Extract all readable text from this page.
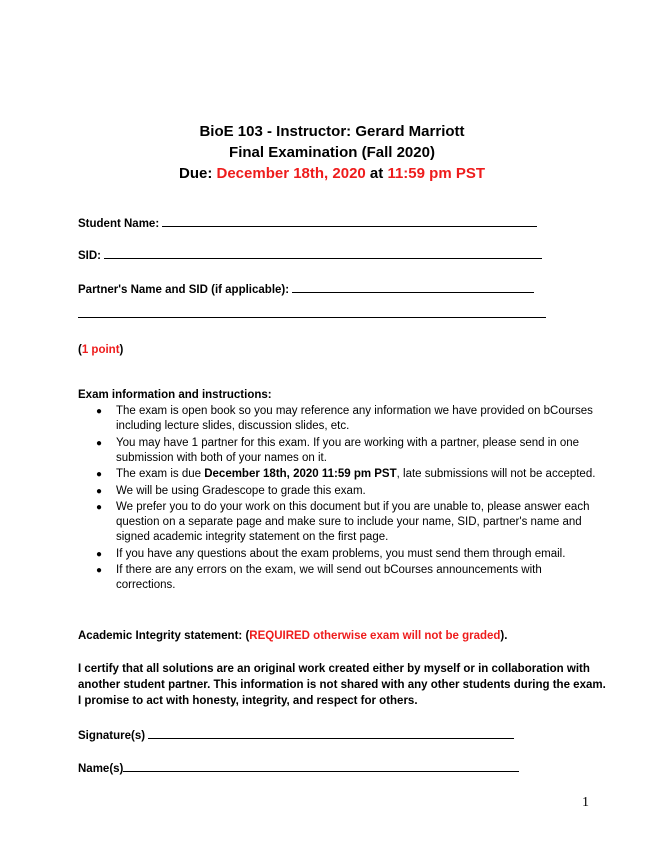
BioE 103 - Instructor: Gerard Marriott
Final Examination (Fall 2020)
Due: December 18th, 2020 at 11:59 pm PST
Student Name:
SID:
Partner's Name and SID (if applicable):
(1 point)
Exam information and instructions:
● The exam is open book so you may reference any information we have provided on bCourses including lecture slides, discussion slides, etc.
● You may have 1 partner for this exam. If you are working with a partner, please send in one submission with both of your names on it.
● The exam is due December 18th, 2020 11:59 pm PST, late submissions will not be accepted.
● We will be using Gradescope to grade this exam.
● We prefer you to do your work on this document but if you are unable to, please answer each question on a separate page and make sure to include your name, SID, partner's name and signed academic integrity statement on the first page.
● If you have any questions about the exam problems, you must send them through email.
● If there are any errors on the exam, we will send out bCourses announcements with corrections.
Academic Integrity statement: (REQUIRED otherwise exam will not be graded).
I certify that all solutions are an original work created either by myself or in collaboration with another student partner. This information is not shared with any other students during the exam. I promise to act with honesty, integrity, and respect for others.
Signature(s)
Name(s)
1
